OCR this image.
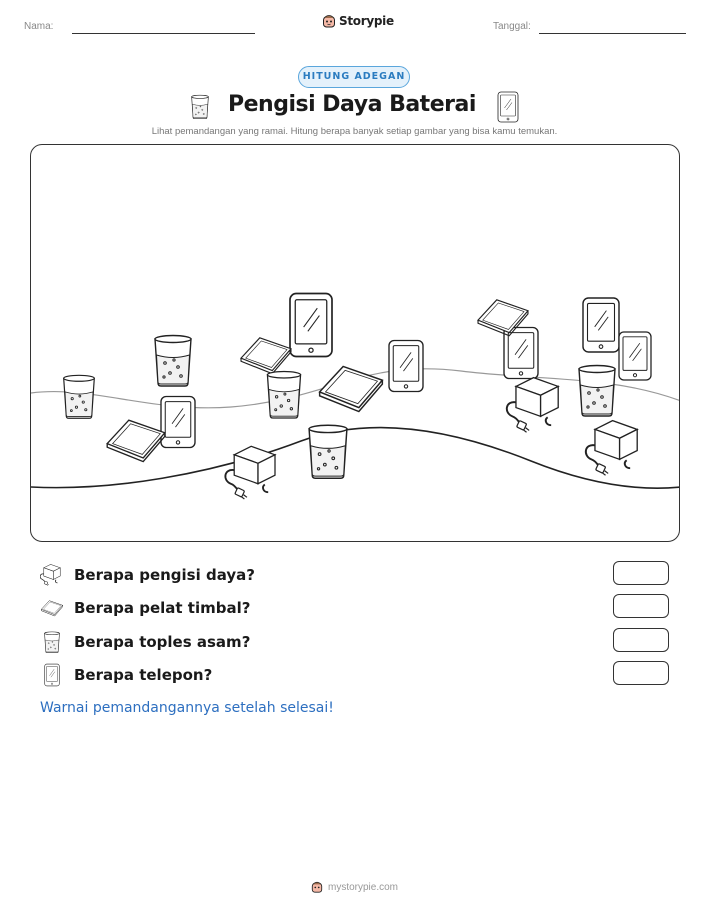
Nama:	Storypie	Tanggal:
HITUNG ADEGAN
Pengisi Daya Baterai

Lihat pemandangan yang ramai. Hitung berapa banyak setiap gambar yang bisa kamu temukan.

Berapa pengisi daya?
Berapa pelat timbal?
Berapa toples asam?
Berapa telepon?

Warnai pemandangannya setelah selesai!

mystorypie.com
